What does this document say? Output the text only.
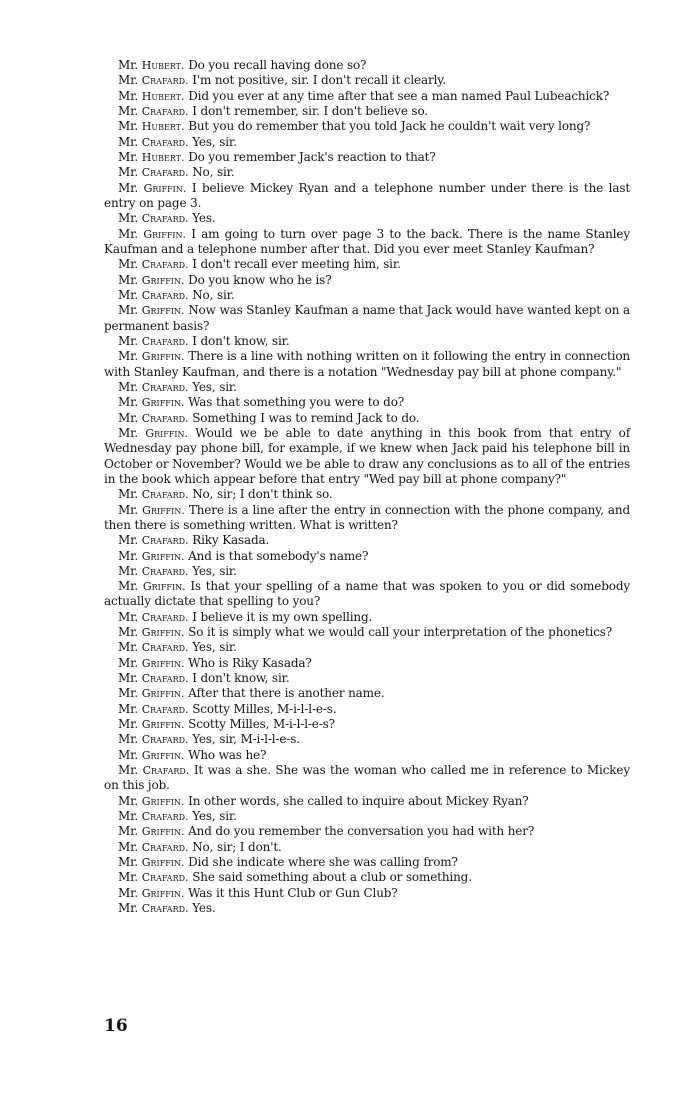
Mr. Hubert. Do you recall having done so?

Mr. Crafard. I'm not positive, sir. I don't recall it clearly.

Mr. Hubert. Did you ever at any time after that see a man named Paul Lubeachick?

Mr. Crafard. I don't remember, sir. I don't believe so.

Mr. Hubert. But you do remember that you told Jack he couldn't wait very long?

Mr. Crafard. Yes, sir.

Mr. Hubert. Do you remember Jack's reaction to that?

Mr. Crafard. No, sir.

Mr. Griffin. I believe Mickey Ryan and a telephone number under there is the last entry on page 3.

Mr. Crafard. Yes.

Mr. Griffin. I am going to turn over page 3 to the back. There is the name Stanley Kaufman and a telephone number after that. Did you ever meet Stanley Kaufman?

Mr. Crafard. I don't recall ever meeting him, sir.

Mr. Griffin. Do you know who he is?

Mr. Crafard. No, sir.

Mr. Griffin. Now was Stanley Kaufman a name that Jack would have wanted kept on a permanent basis?

Mr. Crafard. I don't know, sir.

Mr. Griffin. There is a line with nothing written on it following the entry in connection with Stanley Kaufman, and there is a notation "Wednesday pay bill at phone company."

Mr. Crafard. Yes, sir.

Mr. Griffin. Was that something you were to do?

Mr. Crafard. Something I was to remind Jack to do.

Mr. Griffin. Would we be able to date anything in this book from that entry of Wednesday pay phone bill, for example, if we knew when Jack paid his telephone bill in October or November? Would we be able to draw any conclusions as to all of the entries in the book which appear before that entry "Wed pay bill at phone company?"

Mr. Crafard. No, sir; I don't think so.

Mr. Griffin. There is a line after the entry in connection with the phone company, and then there is something written. What is written?

Mr. Crafard. Riky Kasada.

Mr. Griffin. And is that somebody's name?

Mr. Crafard. Yes, sir.

Mr. Griffin. Is that your spelling of a name that was spoken to you or did somebody actually dictate that spelling to you?

Mr. Crafard. I believe it is my own spelling.

Mr. Griffin. So it is simply what we would call your interpretation of the phonetics?

Mr. Crafard. Yes, sir.

Mr. Griffin. Who is Riky Kasada?

Mr. Crafard. I don't know, sir.

Mr. Griffin. After that there is another name.

Mr. Crafard. Scotty Milles, M-i-l-l-e-s.

Mr. Griffin. Scotty Milles, M-i-l-l-e-s?

Mr. Crafard. Yes, sir, M-i-l-l-e-s.

Mr. Griffin. Who was he?

Mr. Crafard. It was a she. She was the woman who called me in reference to Mickey on this job.

Mr. Griffin. In other words, she called to inquire about Mickey Ryan?

Mr. Crafard. Yes, sir.

Mr. Griffin. And do you remember the conversation you had with her?

Mr. Crafard. No, sir; I don't.

Mr. Griffin. Did she indicate where she was calling from?

Mr. Crafard. She said something about a club or something.

Mr. Griffin. Was it this Hunt Club or Gun Club?

Mr. Crafard. Yes.

16
